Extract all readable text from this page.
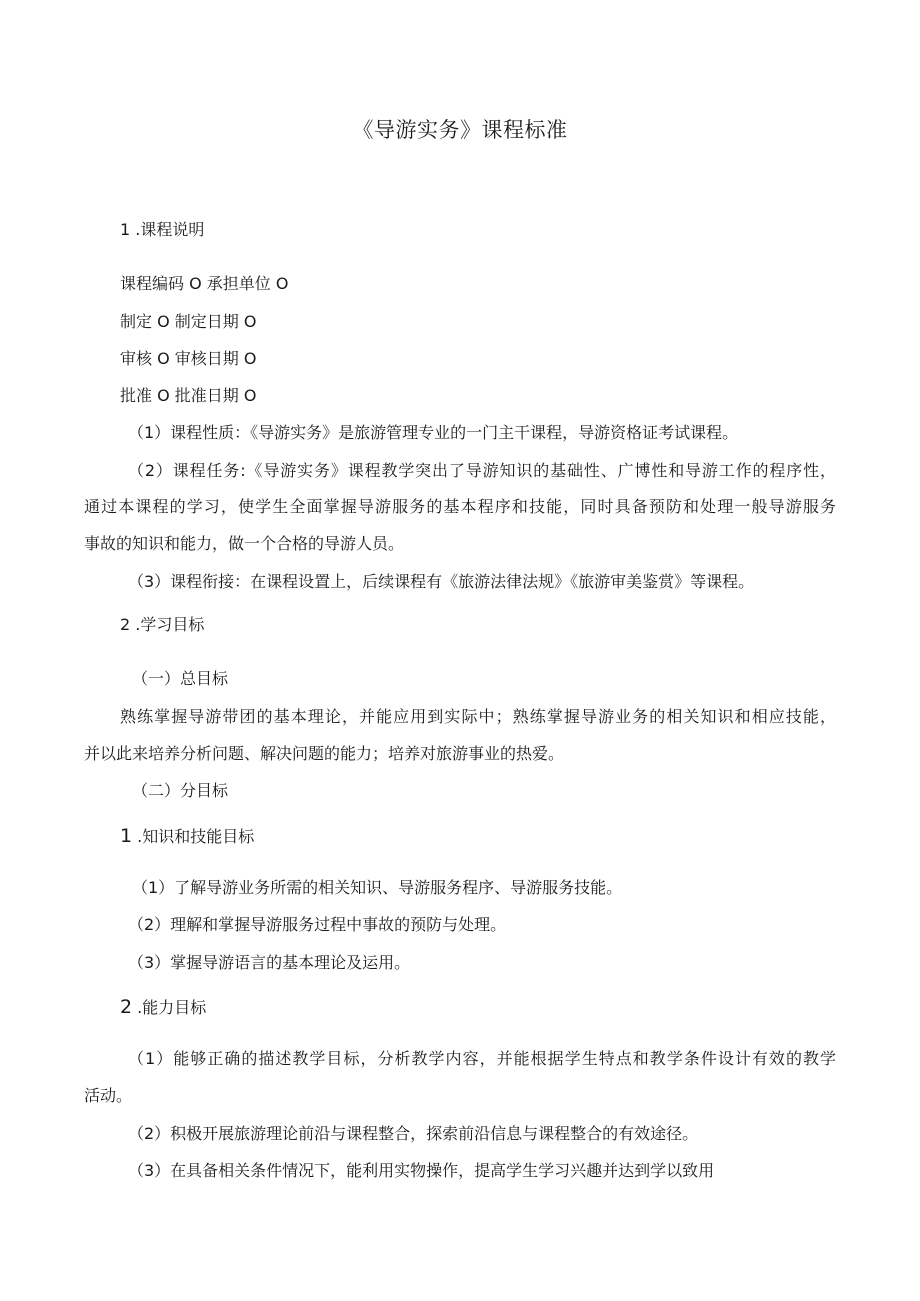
《导游实务》课程标准
1 .课程说明
课程编码 O 承担单位 O
制定 O 制定日期 O
审核 O 审核日期 O
批准 O 批准日期 O
（1）课程性质：《导游实务》是旅游管理专业的一门主干课程，导游资格证考试课程。
（2）课程任务:《导游实务》课程教学突出了导游知识的基础性、广博性和导游工作的程序性，
通过本课程的学习，使学生全面掌握导游服务的基本程序和技能，同时具备预防和处理一般导游服务
事故的知识和能力，做一个合格的导游人员。
（3）课程衔接：在课程设置上，后续课程有《旅游法律法规》《旅游审美鉴赏》等课程。
2 .学习目标
（一）总目标
熟练掌握导游带团的基本理论，并能应用到实际中；熟练掌握导游业务的相关知识和相应技能，
并以此来培养分析问题、解决问题的能力；培养对旅游事业的热爱。
（二）分目标
1 .知识和技能目标
（1）了解导游业务所需的相关知识、导游服务程序、导游服务技能。
（2）理解和掌握导游服务过程中事故的预防与处理。
（3）掌握导游语言的基本理论及运用。
2 .能力目标
（1）能够正确的描述教学目标，分析教学内容，并能根据学生特点和教学条件设计有效的教学
活动。
（2）积极开展旅游理论前沿与课程整合，探索前沿信息与课程整合的有效途径。
（3）在具备相关条件情况下，能利用实物操作，提高学生学习兴趣并达到学以致用
